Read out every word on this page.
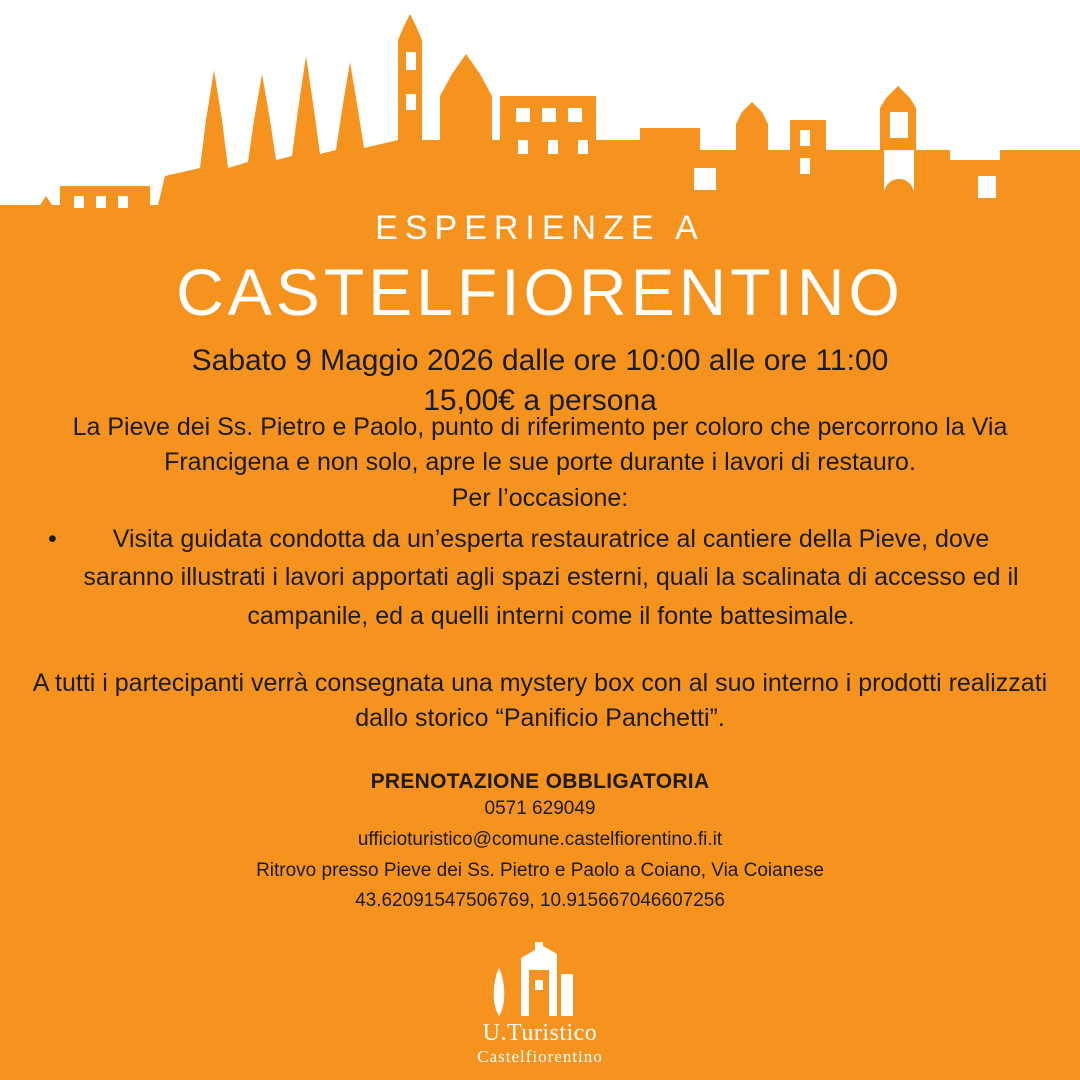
ESPERIENZE A
CASTELFIORENTINO
Sabato 9 Maggio 2026 dalle ore 10:00 alle ore 11:00
15,00€ a persona

La Pieve dei Ss. Pietro e Paolo, punto di riferimento per coloro che percorrono la Via Francigena e non solo, apre le sue porte durante i lavori di restauro.

Per l’occasione:

• Visita guidata condotta da un’esperta restauratrice al cantiere della Pieve, dove saranno illustrati i lavori apportati agli spazi esterni, quali la scalinata di accesso ed il campanile, ed a quelli interni come il fonte battesimale.

A tutti i partecipanti verrà consegnata una mystery box con al suo interno i prodotti realizzati dallo storico “Panificio Panchetti”.

PRENOTAZIONE OBBLIGATORIA
0571 629049
ufficioturistico@comune.castelfiorentino.fi.it
Ritrovo presso Pieve dei Ss. Pietro e Paolo a Coiano, Via Coianese
43.62091547506769, 10.915667046607256
U.Turistico
Castelfiorentino
